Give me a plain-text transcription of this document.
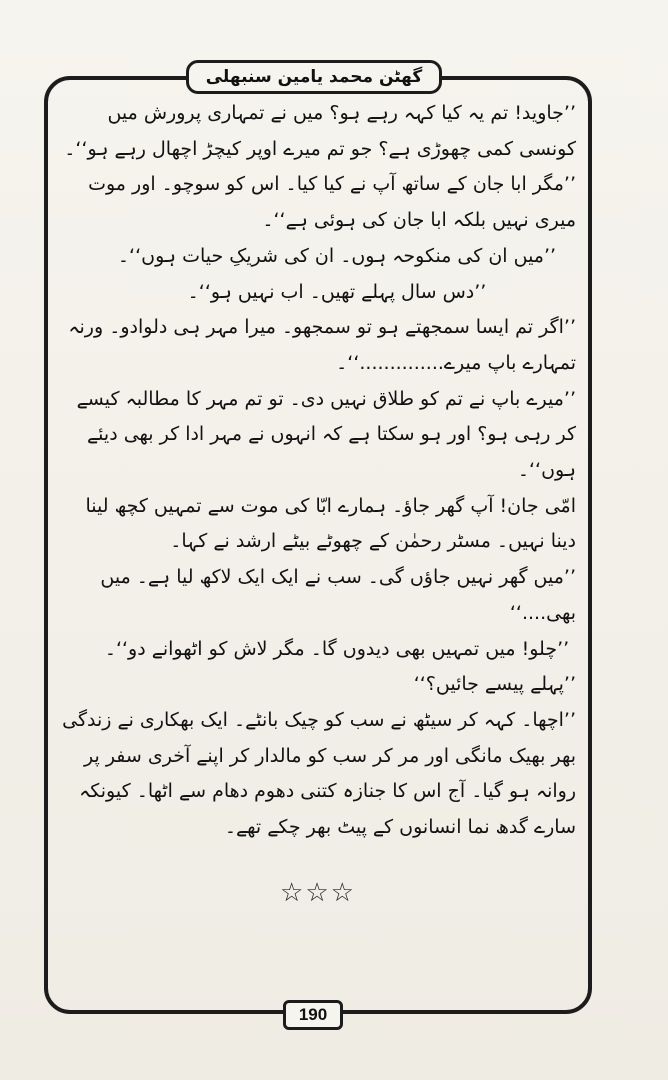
گھٹن محمد یامین سنبھلی

’’جاوید! تم یہ کیا کہہ رہے ہو؟ میں نے تمہاری پرورش میں کونسی کمی چھوڑی ہے؟ جو تم میرے اوپر کیچڑ اچھال رہے ہو‘‘۔

’’مگر ابا جان کے ساتھ آپ نے کیا کیا۔ اس کو سوچو۔ اور موت میری نہیں بلکہ ابا جان کی ہوئی ہے‘‘۔

’’میں ان کی منکوحہ ہوں۔ ان کی شریکِ حیات ہوں‘‘۔

’’دس سال پہلے تھیں۔ اب نہیں ہو‘‘۔

’’اگر تم ایسا سمجھتے ہو تو سمجھو۔ میرا مہر ہی دلوادو۔ ورنہ تمہارے باپ میرے..............‘‘۔

’’میرے باپ نے تم کو طلاق نہیں دی۔ تو تم مہر کا مطالبہ کیسے کر رہی ہو؟ اور ہو سکتا ہے کہ انہوں نے مہر ادا کر بھی دیئے ہوں‘‘۔

امّی جان! آپ گھر جاؤ۔ ہمارے ابّا کی موت سے تمہیں کچھ لینا دینا نہیں۔ مسٹر رحمٰن کے چھوٹے بیٹے ارشد نے کہا۔

’’میں گھر نہیں جاؤں گی۔ سب نے ایک ایک لاکھ لیا ہے۔ میں بھی....‘‘

’’چلو! میں تمہیں بھی دیدوں گا۔ مگر لاش کو اٹھوانے دو‘‘۔

’’پہلے پیسے جائیں؟‘‘

’’اچھا۔ کہہ کر سیٹھ نے سب کو چیک بانٹے۔ ایک بھکاری نے زندگی بھر بھیک مانگی اور مر کر سب کو مالدار کر اپنے آخری سفر پر روانہ ہو گیا۔ آج اس کا جنازہ کتنی دھوم دھام سے اٹھا۔ کیونکہ سارے گدھ نما انسانوں کے پیٹ بھر چکے تھے۔

☆☆☆
190
